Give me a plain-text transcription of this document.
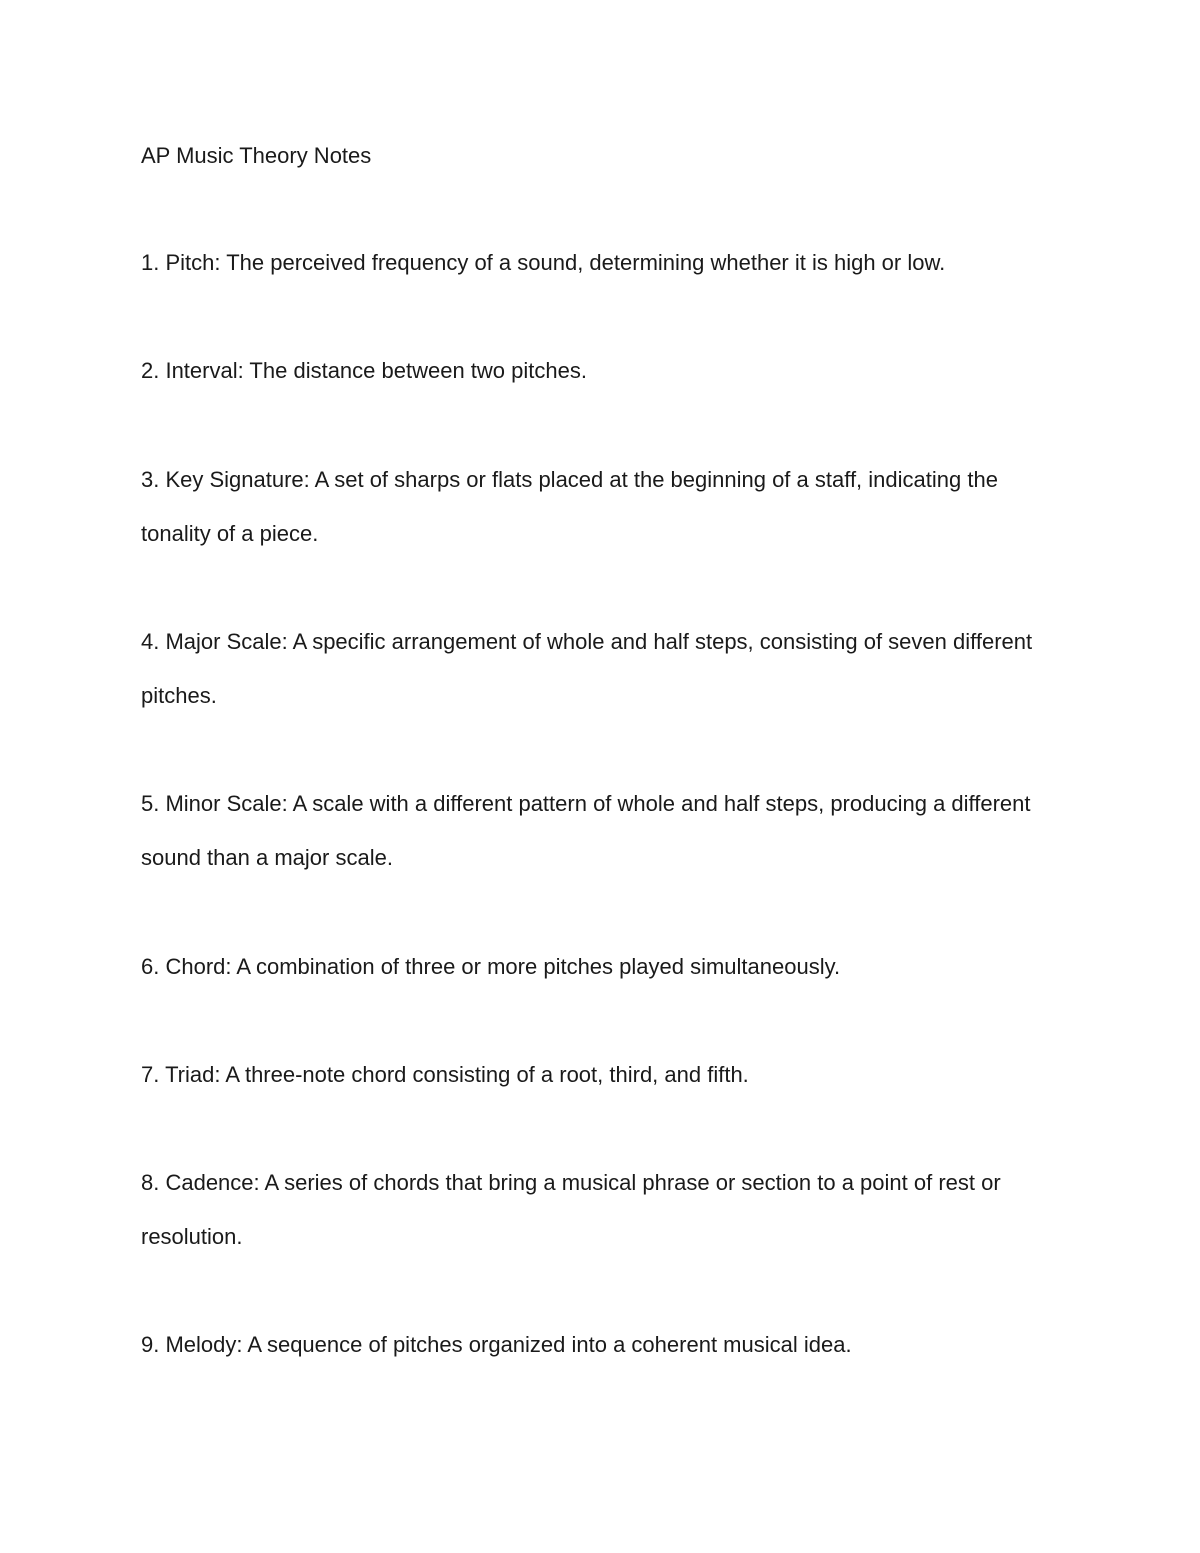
AP Music Theory Notes

1. Pitch: The perceived frequency of a sound, determining whether it is high or low.

2. Interval: The distance between two pitches.

3. Key Signature: A set of sharps or flats placed at the beginning of a staff, indicating the tonality of a piece.

4. Major Scale: A specific arrangement of whole and half steps, consisting of seven different pitches.

5. Minor Scale: A scale with a different pattern of whole and half steps, producing a different sound than a major scale.

6. Chord: A combination of three or more pitches played simultaneously.

7. Triad: A three-note chord consisting of a root, third, and fifth.

8. Cadence: A series of chords that bring a musical phrase or section to a point of rest or resolution.

9. Melody: A sequence of pitches organized into a coherent musical idea.
